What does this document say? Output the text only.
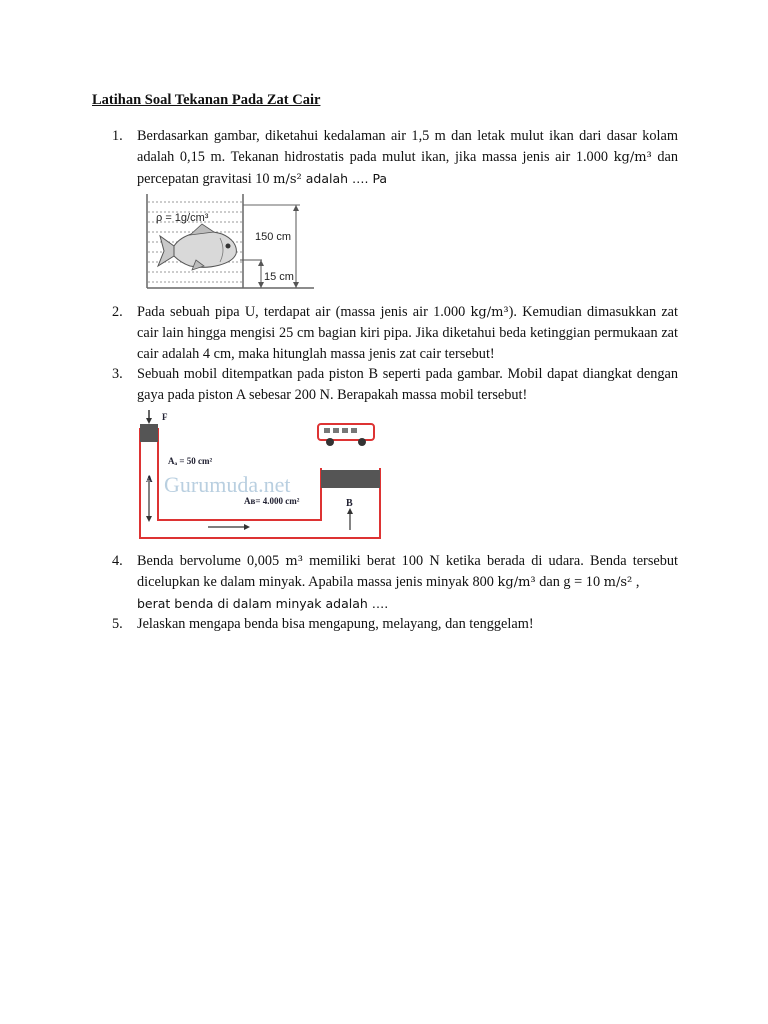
Latihan Soal Tekanan Pada Zat Cair
1. Berdasarkan gambar, diketahui kedalaman air 1,5 m dan letak mulut ikan dari dasar kolam adalah 0,15 m. Tekanan hidrostatis pada mulut ikan, jika massa jenis air 1.000 kg/m³ dan percepatan gravitasi 10 m/s² adalah …. Pa
ρ = 1g/cm³
150 cm
15 cm
2. Pada sebuah pipa U, terdapat air (massa jenis air 1.000 kg/m³). Kemudian dimasukkan zat cair lain hingga mengisi 25 cm bagian kiri pipa. Jika diketahui beda ketinggian permukaan zat cair adalah 4 cm, maka hitunglah massa jenis zat cair tersebut!
3. Sebuah mobil ditempatkan pada piston B seperti pada gambar. Mobil dapat diangkat dengan gaya pada piston A sebesar 200 N. Berapakah massa mobil tersebut!
Gurumuda.net
F
Aₐ = 50 cm²
A
Aʙ= 4.000 cm²	B
4. Benda bervolume 0,005 m³ memiliki berat 100 N ketika berada di udara. Benda tersebut dicelupkan ke dalam minyak. Apabila massa jenis minyak 800 kg/m³ dan g = 10 m/s² ,
berat benda di dalam minyak adalah ….
5. Jelaskan mengapa benda bisa mengapung, melayang, dan tenggelam!
